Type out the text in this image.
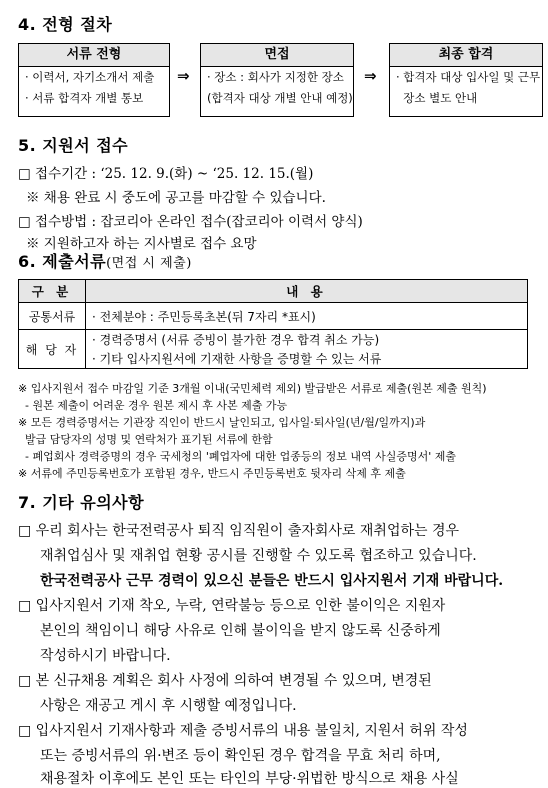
4. 전형 절차
서류 전형
· 이력서, 자기소개서 제출
· 서류 합격자 개별 통보
⇒
면접
· 장소 : 회사가 지정한 장소
(합격자 대상 개별 안내 예정)
⇒
최종 합격
· 합격자 대상 입사일 및 근무
장소 별도 안내
5. 지원서 접수
□ 접수기간 : ‘25. 12. 9.(화) ~ ‘25. 12. 15.(월)
※ 채용 완료 시 중도에 공고를 마감할 수 있습니다.
□ 접수방법 : 잡코리아 온라인 접수(잡코리아 이력서 양식)
※ 지원하고자 하는 지사별로 접수 요망
6. 제출서류(면접 시 제출)
구 분	내 용
공통서류	· 전체분야 : 주민등록초본(뒤 7자리 *표시)
해 당 자	· 경력증명서 (서류 증빙이 불가한 경우 합격 취소 가능)
	· 기타 입사지원서에 기재한 사항을 증명할 수 있는 서류
※ 입사지원서 접수 마감일 기준 3개월 이내(국민체력 제외) 발급받은 서류로 제출(원본 제출 원칙)
- 원본 제출이 어려운 경우 원본 제시 후 사본 제출 가능
※ 모든 경력증명서는 기관장 직인이 반드시 날인되고, 입사일·퇴사일(년/월/일까지)과
발급 담당자의 성명 및 연락처가 표기된 서류에 한함
- 폐업회사 경력증명의 경우 국세청의 '폐업자에 대한 업종등의 정보 내역 사실증명서' 제출
※ 서류에 주민등록번호가 포함된 경우, 반드시 주민등록번호 뒷자리 삭제 후 제출
7. 기타 유의사항
□ 우리 회사는 한국전력공사 퇴직 임직원이 출자회사로 재취업하는 경우
재취업심사 및 재취업 현황 공시를 진행할 수 있도록 협조하고 있습니다.
한국전력공사 근무 경력이 있으신 분들은 반드시 입사지원서 기재 바랍니다.
□ 입사지원서 기재 착오, 누락, 연락불능 등으로 인한 불이익은 지원자
본인의 책임이니 해당 사유로 인해 불이익을 받지 않도록 신중하게
작성하시기 바랍니다.
□ 본 신규채용 계획은 회사 사정에 의하여 변경될 수 있으며, 변경된
사항은 재공고 게시 후 시행할 예정입니다.
□ 입사지원서 기재사항과 제출 증빙서류의 내용 불일치, 지원서 허위 작성
또는 증빙서류의 위·변조 등이 확인된 경우 합격을 무효 처리 하며,
채용절차 이후에도 본인 또는 타인의 부당·위법한 방식으로 채용 사실
